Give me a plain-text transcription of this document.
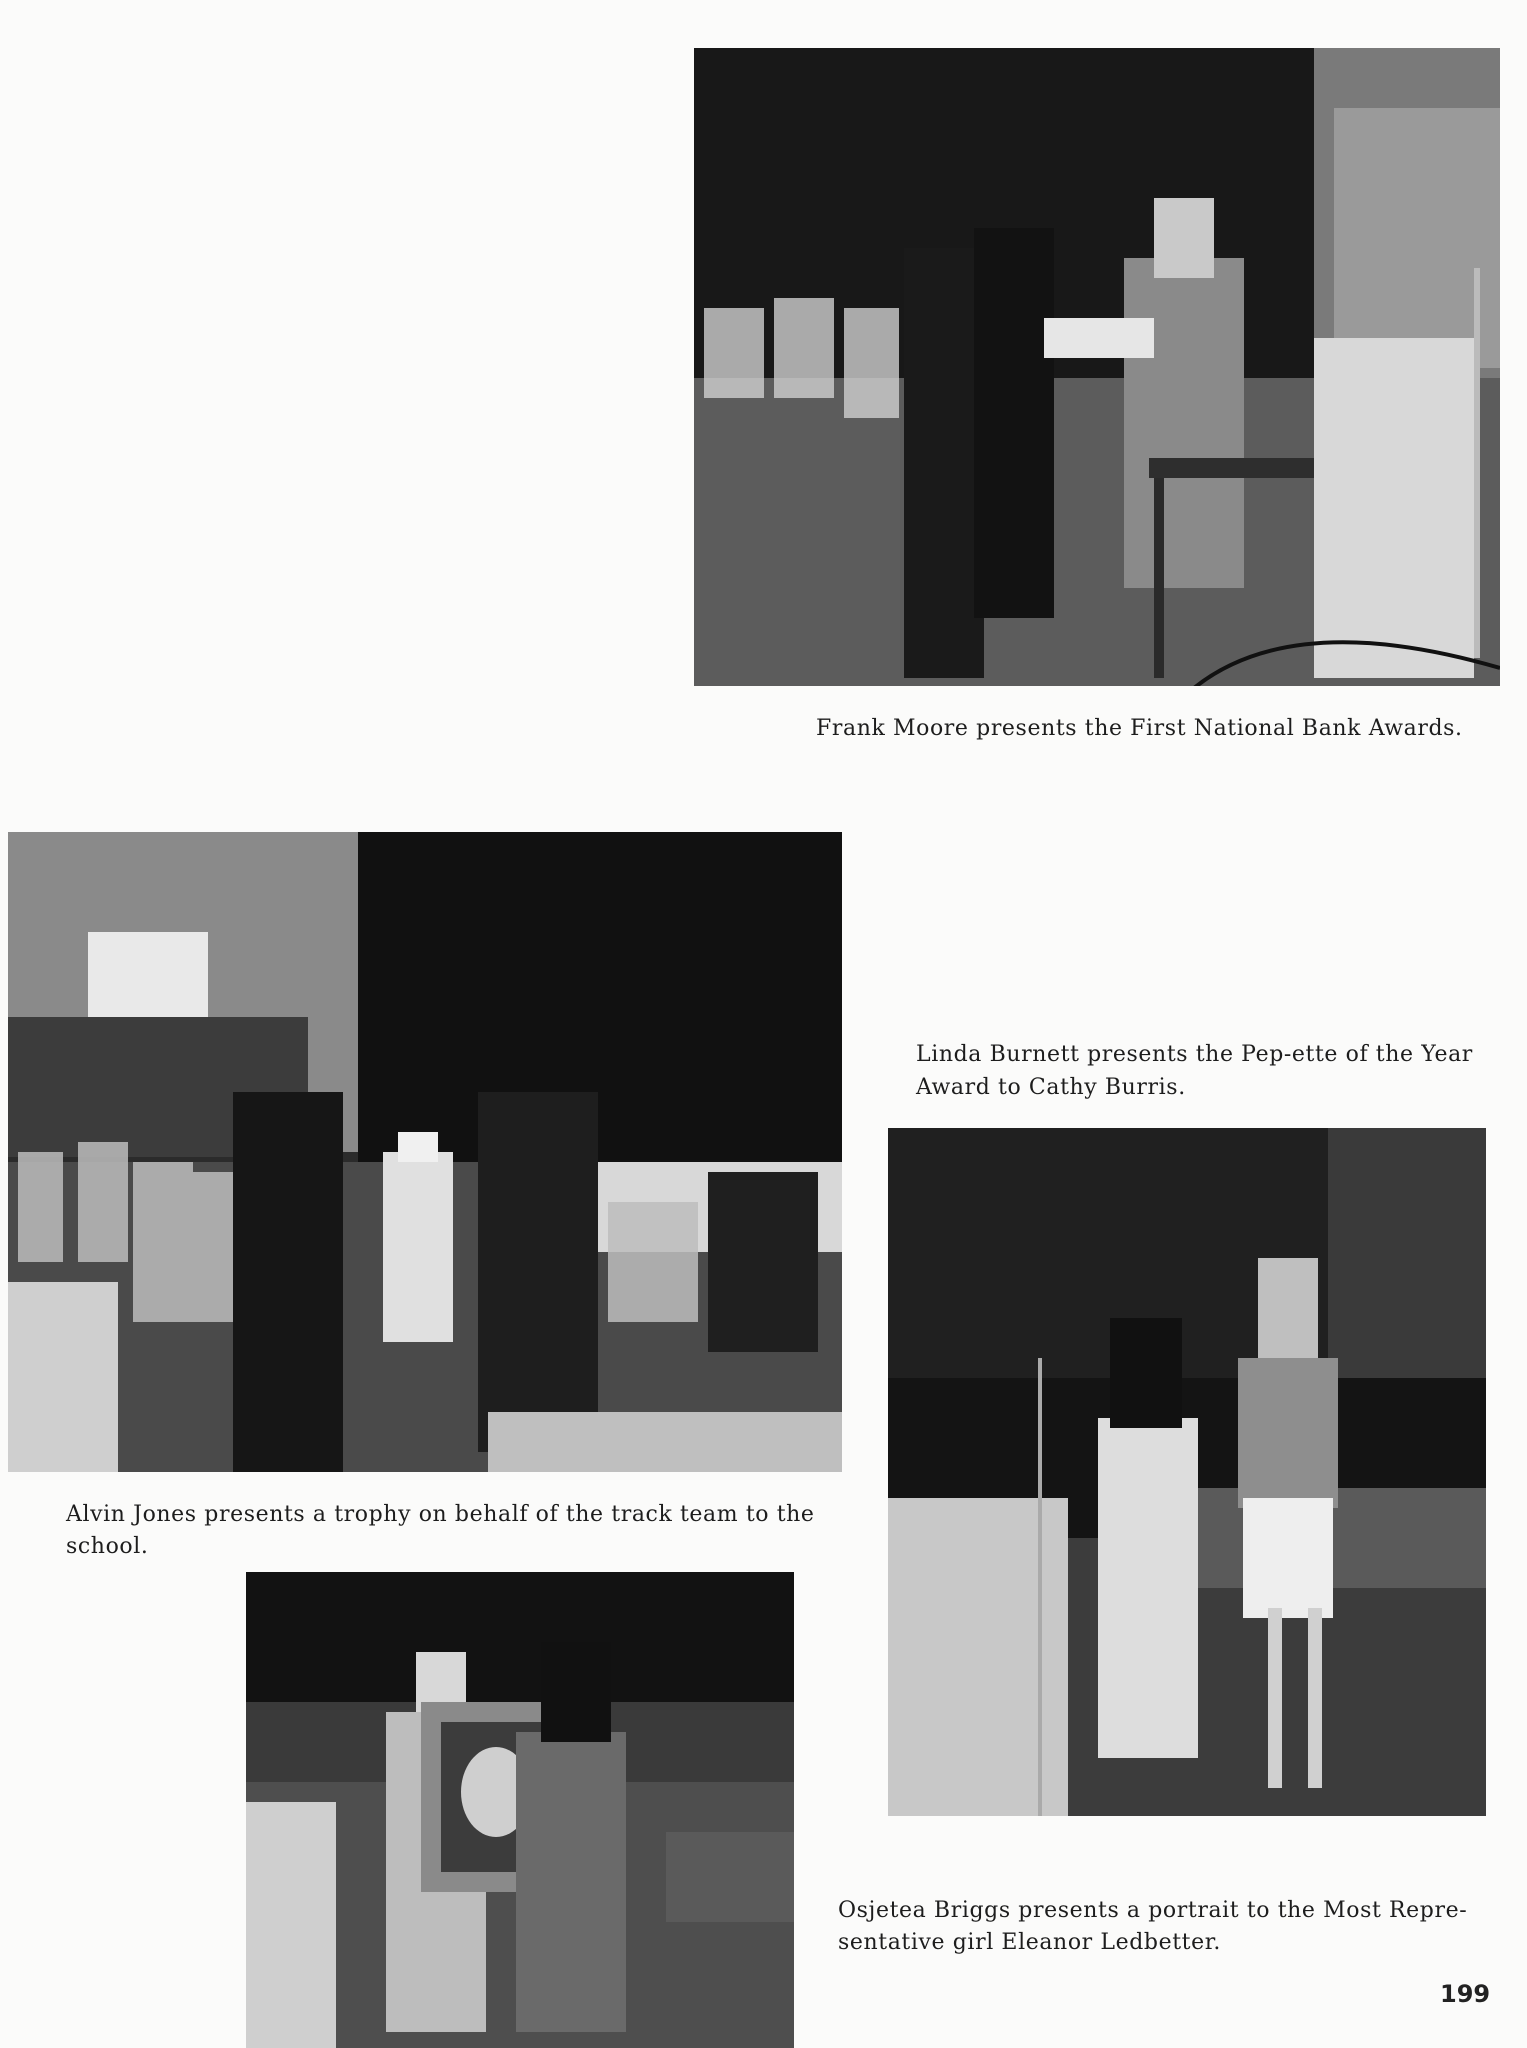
Frank Moore presents the First National Bank Awards.
Alvin Jones presents a trophy on behalf of the track team to the
school.
Linda Burnett presents the Pep-ette of the Year
Award to Cathy Burris.
Osjetea Briggs presents a portrait to the Most Repre-
sentative girl Eleanor Ledbetter.
199
